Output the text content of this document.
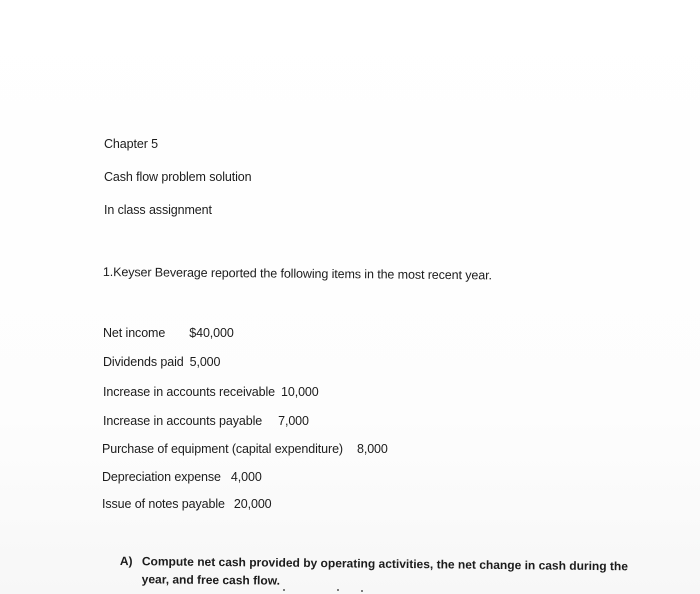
Chapter 5
Cash flow problem solution
In class assignment
1.Keyser Beverage reported the following items in the most recent year.
Net income $40,000
Dividends paid 5,000
Increase in accounts receivable 10,000
Increase in accounts payable 7,000
Purchase of equipment (capital expenditure) 8,000
Depreciation expense 4,000
Issue of notes payable 20,000
A) Compute net cash provided by operating activities, the net change in cash during the year, and free cash flow.
